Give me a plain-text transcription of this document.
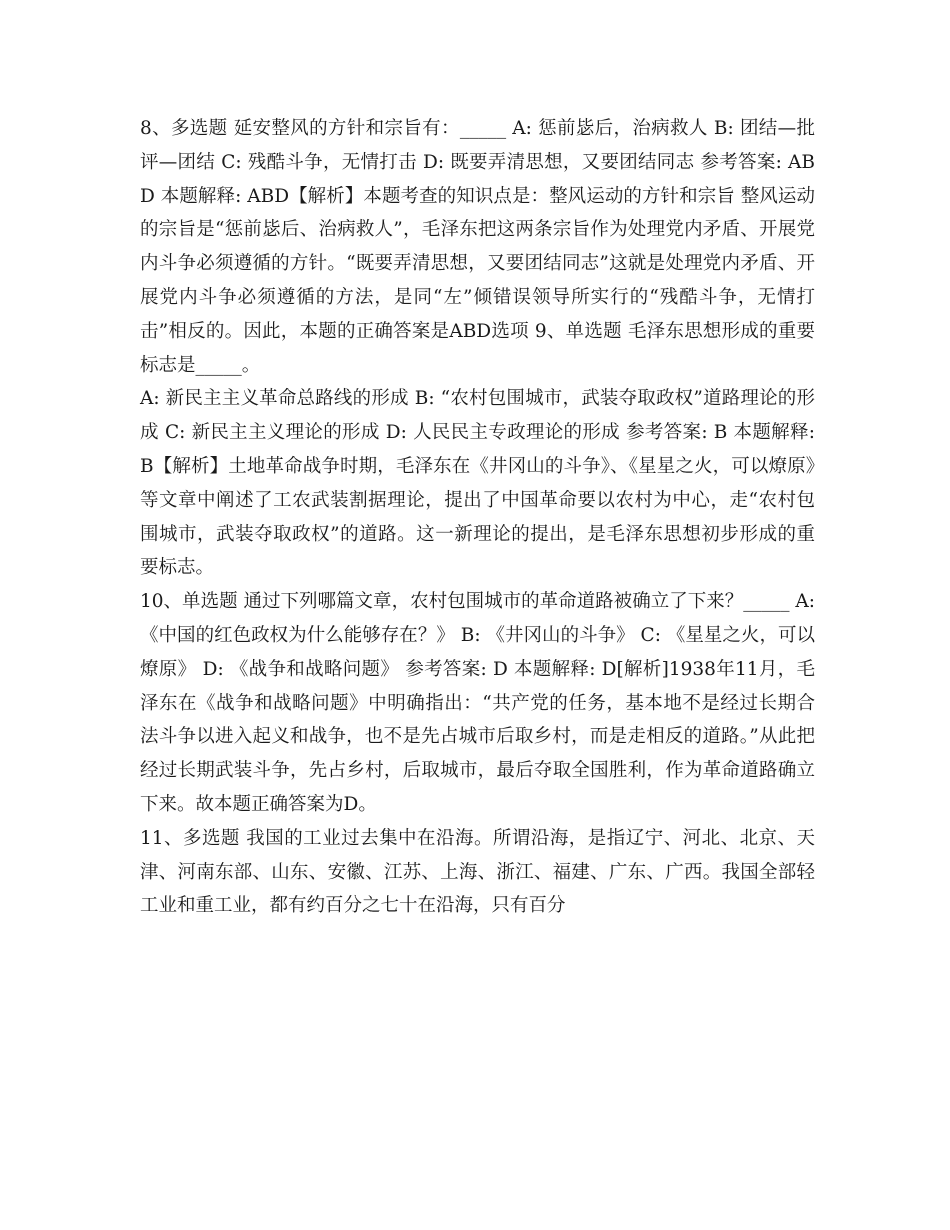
8、多选题 延安整风的方针和宗旨有：_____ A: 惩前毖后，治病救人 B: 团结—批评—团结 C: 残酷斗争，无情打击 D: 既要弄清思想，又要团结同志 参考答案: ABD 本题解释: ABD【解析】本题考查的知识点是：整风运动的方针和宗旨 整风运动的宗旨是“惩前毖后、治病救人”，毛泽东把这两条宗旨作为处理党内矛盾、开展党内斗争必须遵循的方针。“既要弄清思想，又要团结同志”这就是处理党内矛盾、开展党内斗争必须遵循的方法，是同“左”倾错误领导所实行的“残酷斗争，无情打击”相反的。因此，本题的正确答案是ABD选项 9、单选题 毛泽东思想形成的重要标志是_____。

A: 新民主主义革命总路线的形成 B: “农村包围城市，武装夺取政权”道路理论的形成 C: 新民主主义理论的形成 D: 人民民主专政理论的形成 参考答案: B 本题解释: B【解析】土地革命战争时期，毛泽东在《井冈山的斗争》、《星星之火，可以燎原》等文章中阐述了工农武装割据理论，提出了中国革命要以农村为中心，走“农村包围城市，武装夺取政权”的道路。这一新理论的提出，是毛泽东思想初步形成的重要标志。

10、单选题 通过下列哪篇文章，农村包围城市的革命道路被确立了下来？_____ A: 《中国的红色政权为什么能够存在？》 B: 《井冈山的斗争》 C: 《星星之火，可以燎原》 D: 《战争和战略问题》 参考答案: D 本题解释: D[解析]1938年11月，毛泽东在《战争和战略问题》中明确指出：“共产党的任务，基本地不是经过长期合法斗争以进入起义和战争，也不是先占城市后取乡村，而是走相反的道路。”从此把经过长期武装斗争，先占乡村，后取城市，最后夺取全国胜利，作为革命道路确立下来。故本题正确答案为D。

11、多选题 我国的工业过去集中在沿海。所谓沿海，是指辽宁、河北、北京、天津、河南东部、山东、安徽、江苏、上海、浙江、福建、广东、广西。我国全部轻工业和重工业，都有约百分之七十在沿海，只有百分
